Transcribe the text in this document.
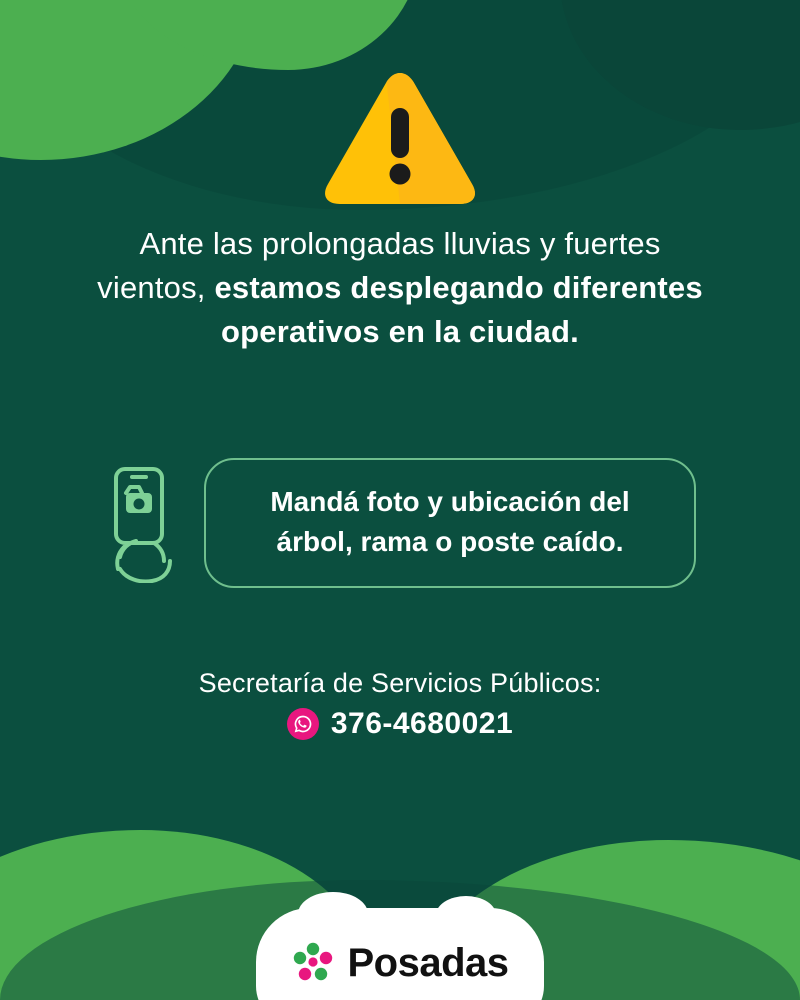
Ante las prolongadas lluvias y fuertes
vientos, estamos desplegando diferentes
operativos en la ciudad.
Mandá foto y ubicación del
árbol, rama o poste caído.
Secretaría de Servicios Públicos:
376-4680021
Posadas
